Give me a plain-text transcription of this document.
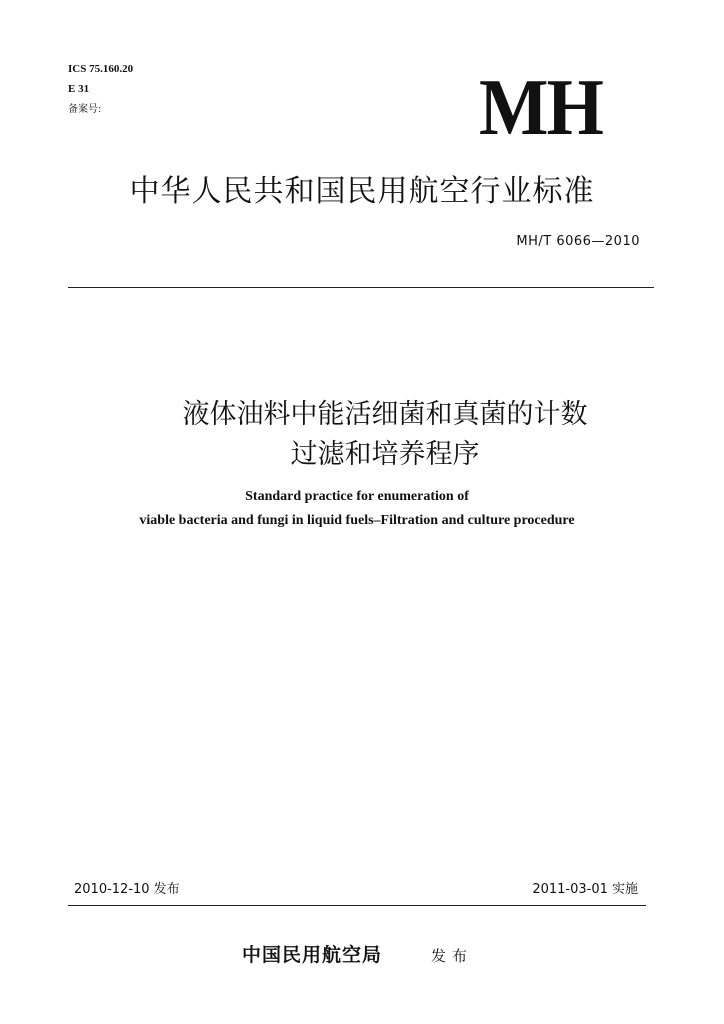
ICS 75.160.20
E 31
备案号:	MH
中华人民共和国民用航空行业标准
MH/T 6066—2010
液体油料中能活细菌和真菌的计数
过滤和培养程序
Standard practice for enumeration of
viable bacteria and fungi in liquid fuels–Filtration and culture procedure
2010-12-10 发布	2011-03-01 实施
中国民用航空局	发布
